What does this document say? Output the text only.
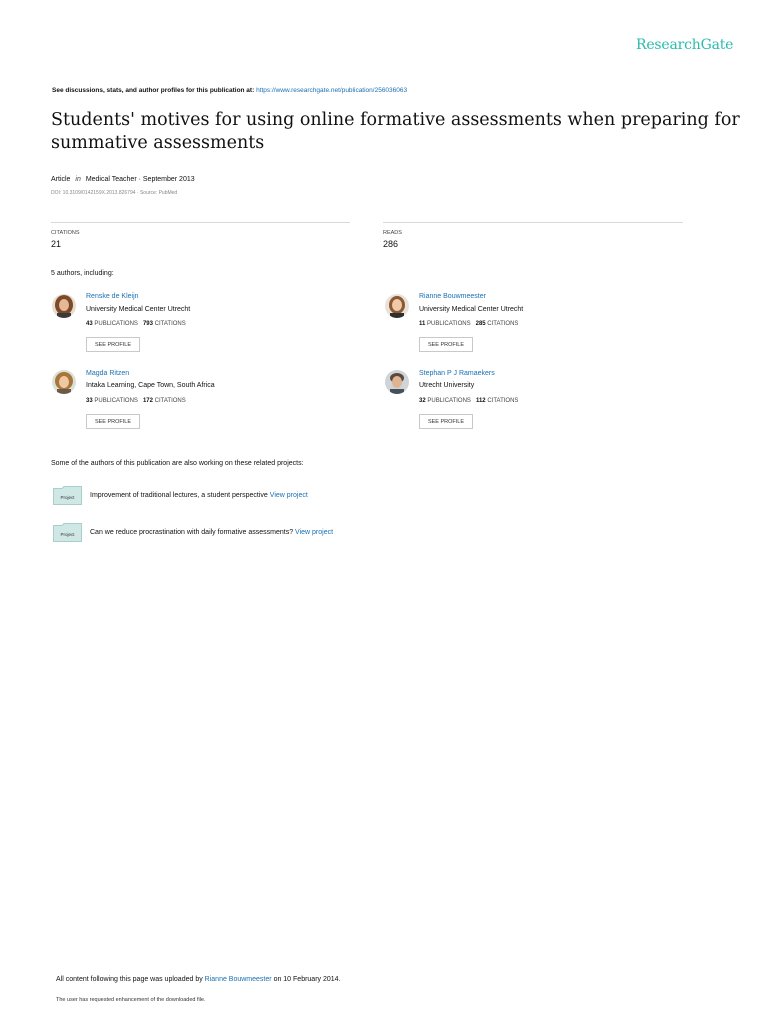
ResearchGate
See discussions, stats, and author profiles for this publication at: https://www.researchgate.net/publication/256036063
Students' motives for using online formative assessments when preparing for summative assessments
Article in Medical Teacher · September 2013
DOI: 10.3109/0142159X.2013.826794 · Source: PubMed
CITATIONS
21
READS
286
5 authors, including:
Renske de Kleijn
University Medical Center Utrecht
43 PUBLICATIONS 793 CITATIONS
SEE PROFILE
Rianne Bouwmeester
University Medical Center Utrecht
11 PUBLICATIONS 285 CITATIONS
SEE PROFILE
Magda Ritzen
Intaka Learning, Cape Town, South Africa
33 PUBLICATIONS 172 CITATIONS
SEE PROFILE
Stephan P J Ramaekers
Utrecht University
32 PUBLICATIONS 112 CITATIONS
SEE PROFILE
Some of the authors of this publication are also working on these related projects:
Project Improvement of traditional lectures, a student perspective View project
Project Can we reduce procrastination with daily formative assessments? View project
All content following this page was uploaded by Rianne Bouwmeester on 10 February 2014.
The user has requested enhancement of the downloaded file.
